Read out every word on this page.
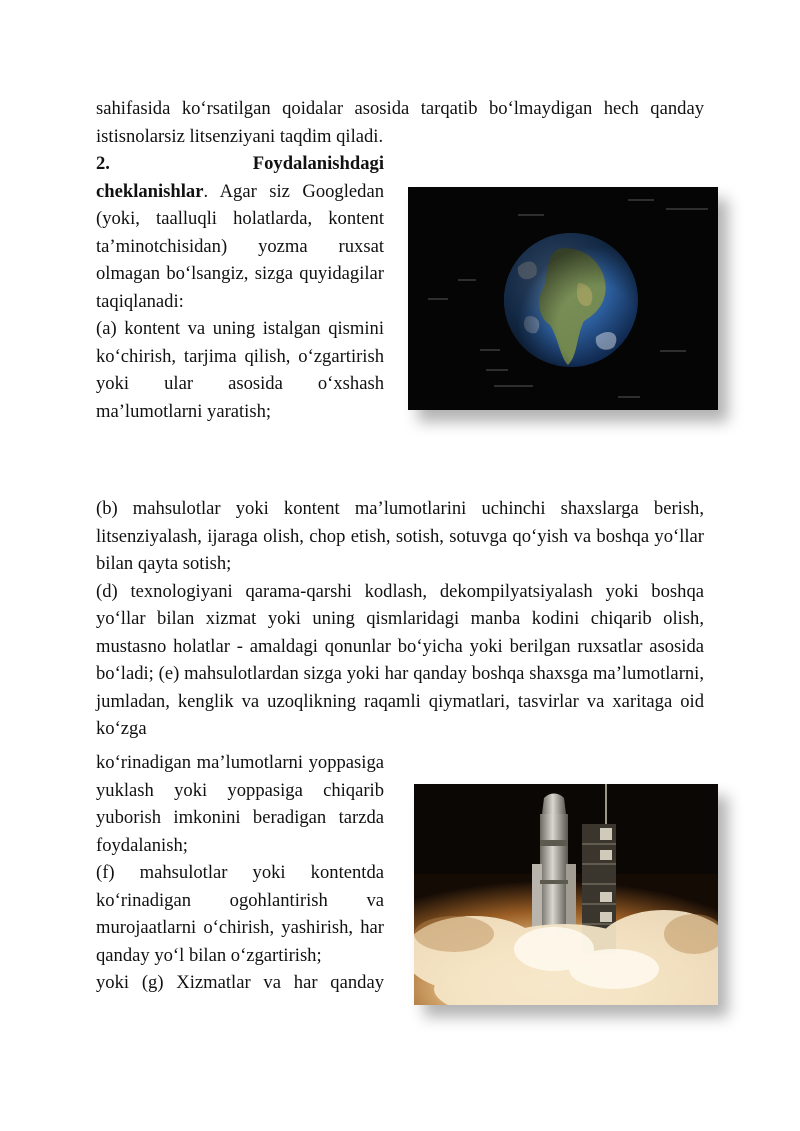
sahifasida koʻrsatilgan qoidalar asosida tarqatib boʻlmaydigan hech qanday istisnolarsiz litsenziyani taqdim qiladi.

2.	Foydalanishdagi
cheklanishlar. Agar siz Googledan (yoki, taalluqli holatlarda, kontent taʼminotchisidan) yozma ruxsat olmagan boʻlsangiz, sizga quyidagilar taqiqlanadi:
(a) kontent va uning istalgan qismini koʻchirish, tarjima qilish, oʻzgartirish yoki ular asosida oʻxshash maʼlumotlarni yaratish;
(b) mahsulotlar yoki kontent maʼlumotlarini uchinchi shaxslarga berish, litsenziyalash, ijaraga olish, chop etish, sotish, sotuvga qoʻyish va boshqa yoʻllar bilan qayta sotish;
(d) texnologiyani qarama-qarshi kodlash, dekompilyatsiyalash yoki boshqa yoʻllar bilan xizmat yoki uning qismlaridagi manba kodini chiqarib olish, mustasno holatlar - amaldagi qonunlar boʻyicha yoki berilgan ruxsatlar asosida boʻladi; (e) mahsulotlardan sizga yoki har qanday boshqa shaxsga maʼlumotlarni, jumladan, kenglik va uzoqlikning raqamli qiymatlari, tasvirlar va xaritaga oid koʻzga
koʻrinadigan maʼlumotlarni yoppasiga yuklash yoki yoppasiga chiqarib yuborish imkonini beradigan tarzda foydalanish;
(f) mahsulotlar yoki kontentda koʻrinadigan ogohlantirish va murojaatlarni oʻchirish, yashirish, har qanday yoʻl bilan oʻzgartirish;
yoki (g) Xizmatlar va har qanday
